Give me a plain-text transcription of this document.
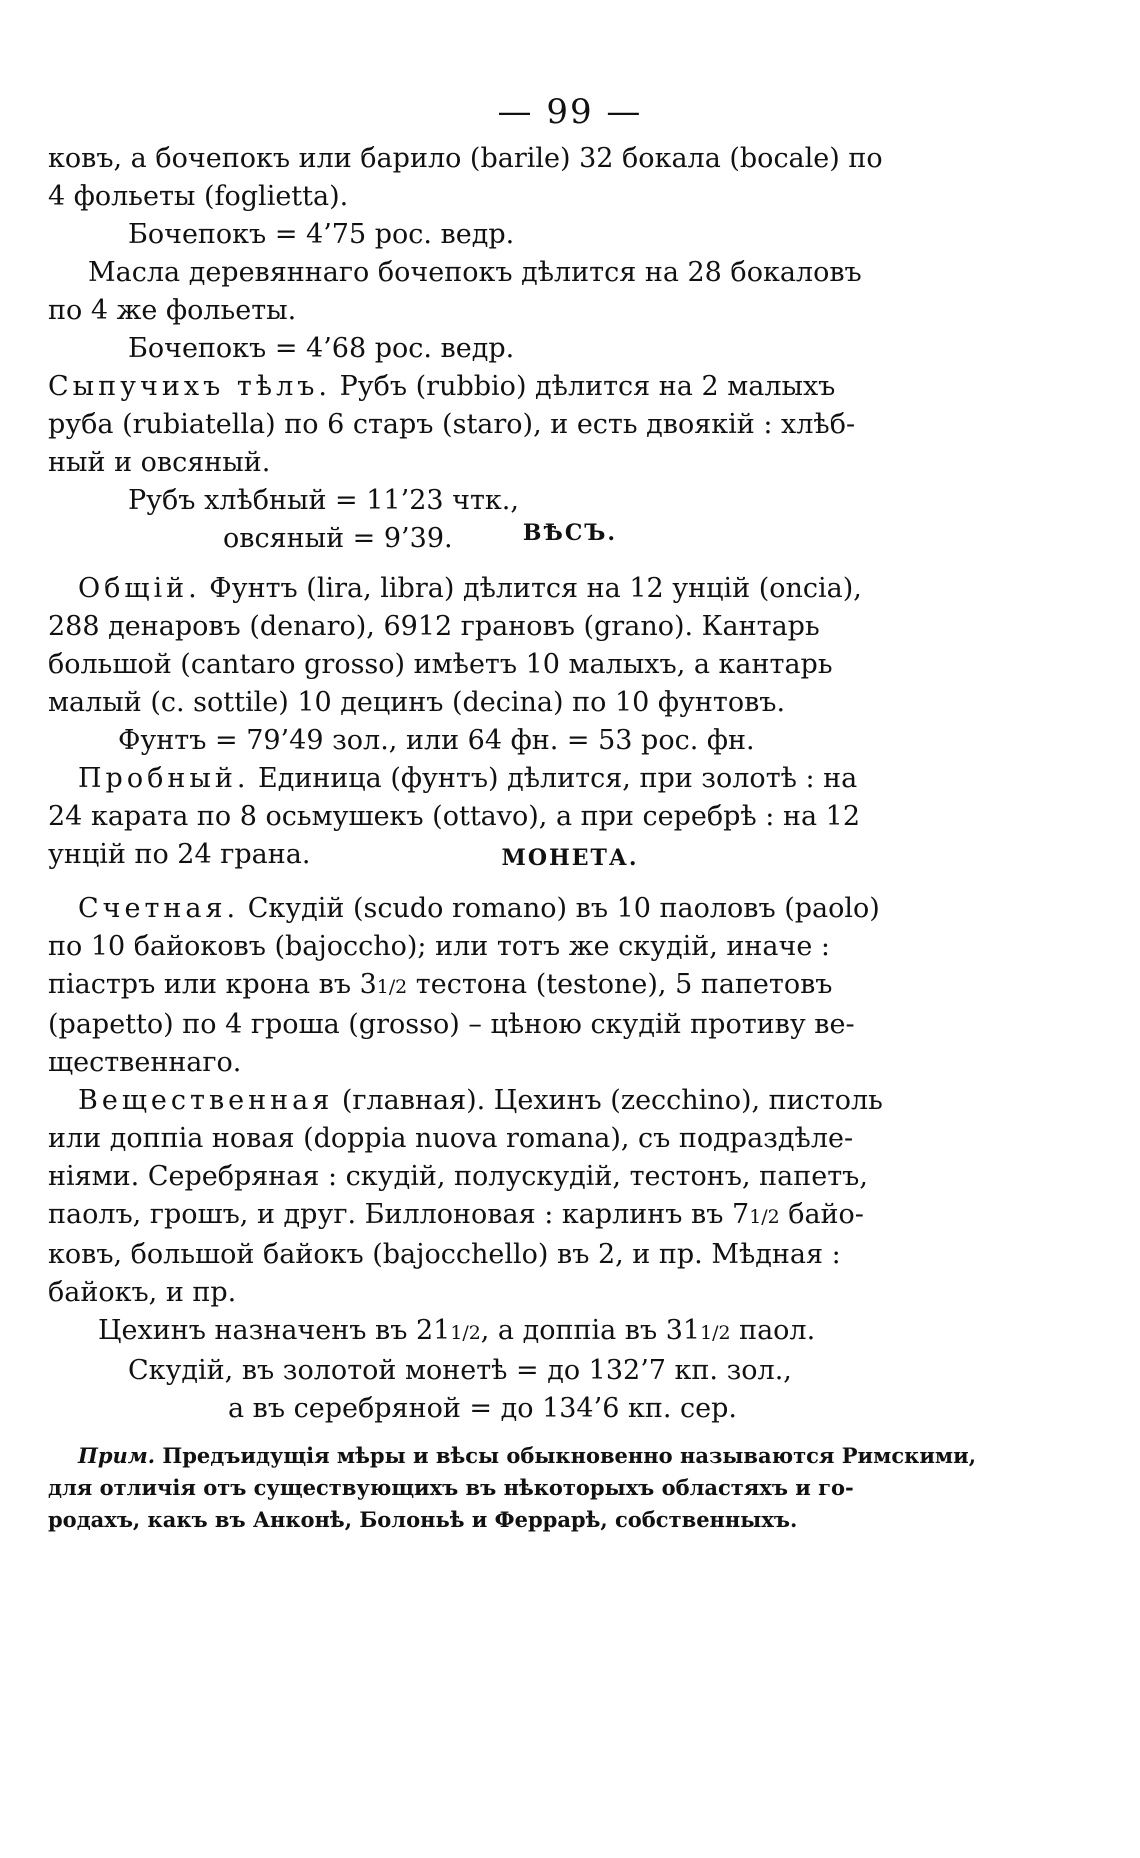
— 99 —

ковъ, а бочепокъ или барило (barile) 32 бокала (bocale) по

4 фольеты (foglietta).

Бочепокъ = 4’75 рос. ведр.

Масла деревяннаго бочепокъ дѣлится на 28 бокаловъ

по 4 же фольеты.

Бочепокъ = 4’68 рос. ведр.

Сыпучихъ тѣлъ. Рубъ (rubbio) дѣлится на 2 малыхъ

руба (rubiatella) по 6 старъ (staro), и есть двоякій : хлѣб-

ный и овсяный.

Рубъ хлѣбный = 11’23 чтк.,

овсяный = 9’39.	ВѢСЪ.

Общій. Фунтъ (lira, libra) дѣлится на 12 унцій (oncia),

288 денаровъ (denaro), 6912 грановъ (grano). Кантарь

большой (cantaro grosso) имѣетъ 10 малыхъ, а кантарь

малый (c. sottile) 10 децинъ (decina) по 10 фунтовъ.

Фунтъ = 79’49 зол., или 64 фн. = 53 рос. фн.

Пробный. Единица (фунтъ) дѣлится, при золотѣ : на

24 карата по 8 осьмушекъ (ottavo), а при серебрѣ : на 12

унцій по 24 грана.	МОНЕТА.

Счетная. Скудій (scudo romano) въ 10 паоловъ (paolo)

по 10 байоковъ (bajocchо); или тотъ же скудій, иначе :

піастръ или крона въ 31/2 тестона (testone), 5 папетовъ

(papetto) по 4 гроша (grosso) – цѣною скудій противу ве-

щественнаго.

Вещественная (главная). Цехинъ (zecchino), пистоль

или доппіа новая (doppia nuova romana), съ подраздѣле-

ніями. Серебряная : скудій, полускудій, тестонъ, папетъ,

паолъ, грошъ, и друг. Биллоновая : карлинъ въ 71/2 байо-

ковъ, большой байокъ (bajocchello) въ 2, и пр. Мѣдная :

байокъ, и пр.

Цехинъ назначенъ въ 211/2, а доппіа въ 311/2 паол.

Скудій, въ золотой монетѣ = до 132’7 кп. зол.,

а въ серебряной = до 134’6 кп. сер.

Прим. Предъидущія мѣры и вѣсы обыкновенно называются Римскими,

для отличія отъ существующихъ въ нѣкоторыхъ областяхъ и го-

родахъ, какъ въ Анконѣ, Болоньѣ и Феррарѣ, собственныхъ.
